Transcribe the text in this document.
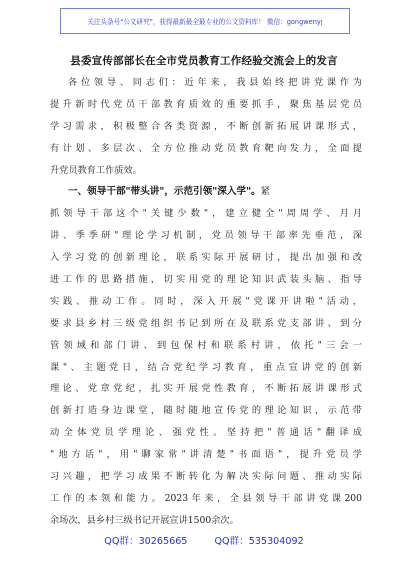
关注头条号"公文研究"，获得最新最全最专业的公文资料库！ 微信：gongwenyj
县委宣传部部长在全市党员教育工作经验交流会上的发言
各位领导、同志们：近年来，我县始终把讲党课作为
提升新时代党员干部教育质效的重要抓手，聚焦基层党员
学习需求，积极整合各类资源，不断创新拓展讲课形式，
有计划、多层次、全方位推动党员教育靶向发力，全面提
升党员教育工作质效。
一、领导干部"带头讲"，示范引领"深入学"。紧
抓领导干部这个"关键少数"，建立健全"周周学、月月
讲、季季研"理论学习机制，党员领导干部率先垂范，深
入学习党的创新理论，联系实际开展研讨，提出加强和改
进工作的思路措施，切实用党的理论知识武装头脑、指导
实践、推动工作。同时，深入开展"党课开讲啦"活动，
要求县乡村三级党组织书记到所在及联系党支部讲、到分
管领域和部门讲、到包保村和联系村讲，依托"三会一
课"、主题党日，结合党纪学习教育，重点宣讲党的创新
理论、党章党纪，扎实开展党性教育，不断拓展讲课形式
创新打造身边课堂，随时随地宣传党的理论知识，示范带
动全体党员学理论、强党性。坚持把"普通话"翻译成
"地方话"，用"聊家常"讲清楚"书面语"，提升党员学
习兴趣，把学习成果不断转化为解决实际问题、推动实际
工作的本领和能力。2023年来，全县领导干部讲党课200
余场次，县乡村三级书记开展宣讲1500余次。
QQ群：30265665	QQ群：535304092
